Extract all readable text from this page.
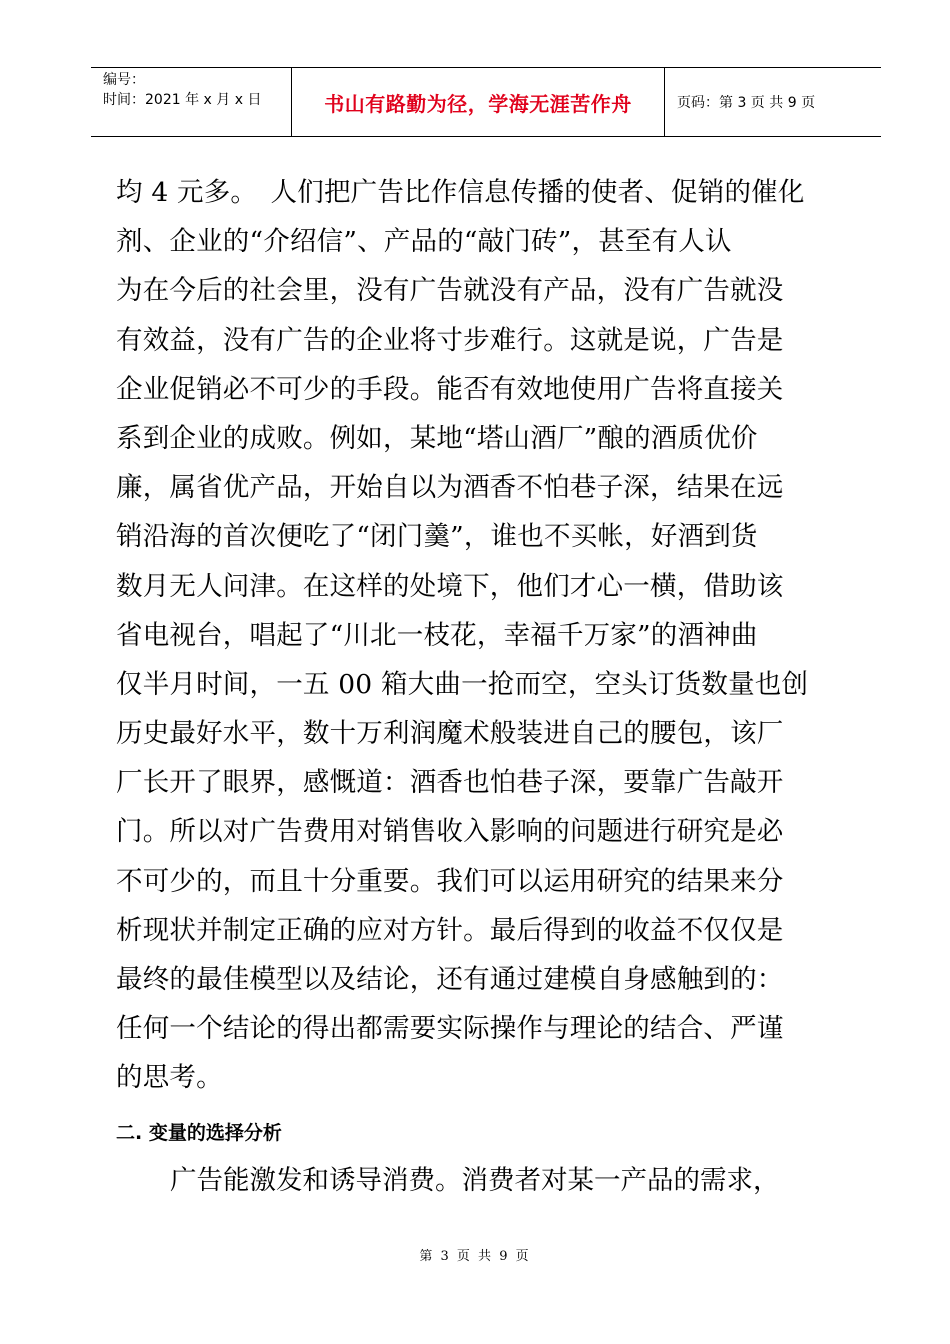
编号：
时间：2021 年 x 月 x 日	书山有路勤为径，学海无涯苦作舟	页码：第 3 页 共 9 页
均 4 元多。　人们把广告比作信息传播的使者、促销的催化
剂、企业的“介绍信”、产品的“敲门砖”，甚至有人认
为在今后的社会里，没有广告就没有产品，没有广告就没
有效益，没有广告的企业将寸步难行。这就是说，广告是
企业促销必不可少的手段。能否有效地使用广告将直接关
系到企业的成败。例如，某地“塔山酒厂”酿的酒质优价
廉，属省优产品，开始自以为酒香不怕巷子深，结果在远
销沿海的首次便吃了“闭门羹”，谁也不买帐，好酒到货
数月无人问津。在这样的处境下，他们才心一横，借助该
省电视台，唱起了“川北一枝花，幸福千万家”的酒神曲
仅半月时间，一五 00 箱大曲一抢而空，空头订货数量也创
历史最好水平，数十万利润魔术般装进自己的腰包，该厂
厂长开了眼界，感慨道：酒香也怕巷子深，要靠广告敲开
门。所以对广告费用对销售收入影响的问题进行研究是必
不可少的，而且十分重要。我们可以运用研究的结果来分
析现状并制定正确的应对方针。最后得到的收益不仅仅是
最终的最佳模型以及结论，还有通过建模自身感触到的：
任何一个结论的得出都需要实际操作与理论的结合、严谨
的思考。
二. 变量的选择分析
广告能激发和诱导消费。消费者对某一产品的需求，
第 3 页 共 9 页
